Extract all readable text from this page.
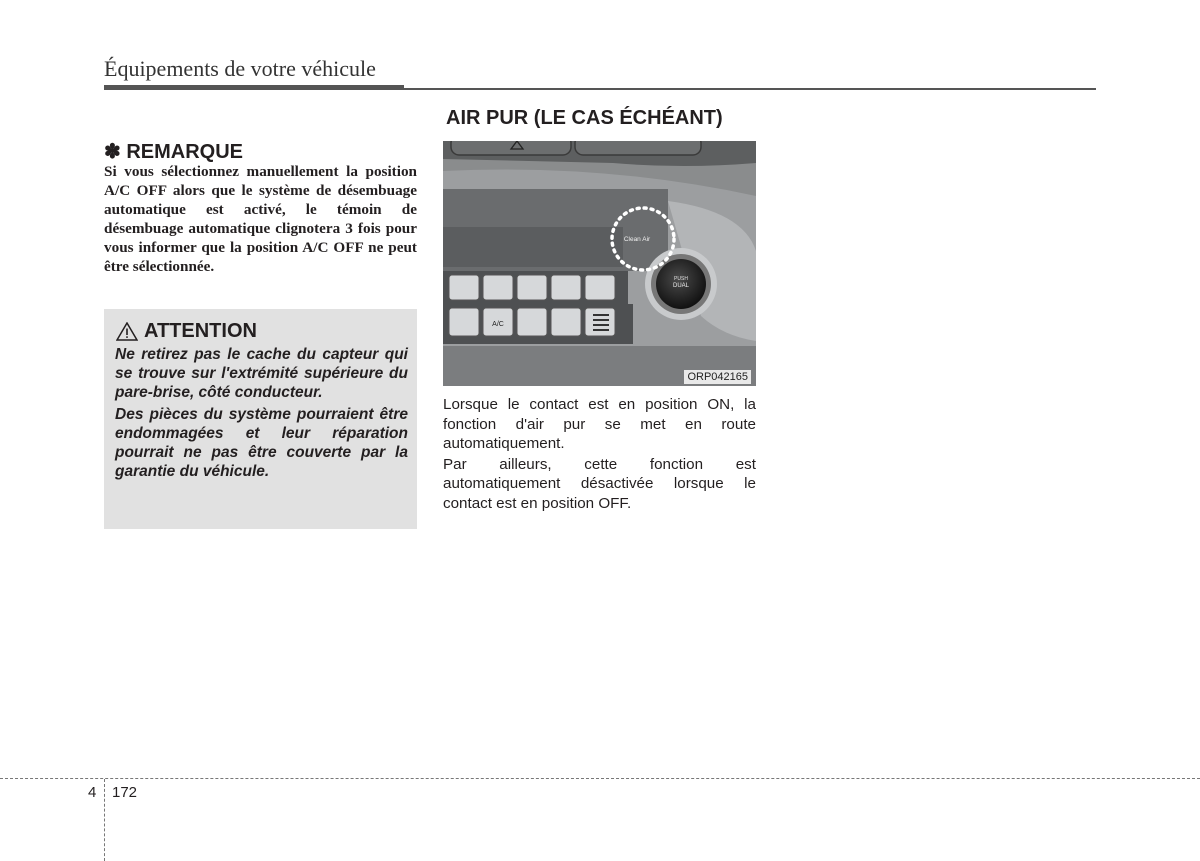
Équipements de votre véhicule
✽ REMARQUE
Si vous sélectionnez manuellement la position A/C OFF alors que le système de désembuage automatique est activé, le témoin de désembuage automatique clignotera 3 fois pour vous informer que la position A/C OFF ne peut être sélectionnée.
ATTENTION

Ne retirez pas le cache du capteur qui se trouve sur l'extrémité supérieure du pare-brise, côté conducteur.

Des pièces du système pourraient être endommagées et leur réparation pourrait ne pas être couverte par la garantie du véhicule.

AIR PUR (LE CAS ÉCHÉANT)
A/C
PUSH
DUAL
Clean Air
ORP042165

Lorsque le contact est en position ON, la fonction d'air pur se met en route automatiquement.

Par ailleurs, cette fonction est automatiquement désactivée lorsque le contact est en position OFF.

4 172
